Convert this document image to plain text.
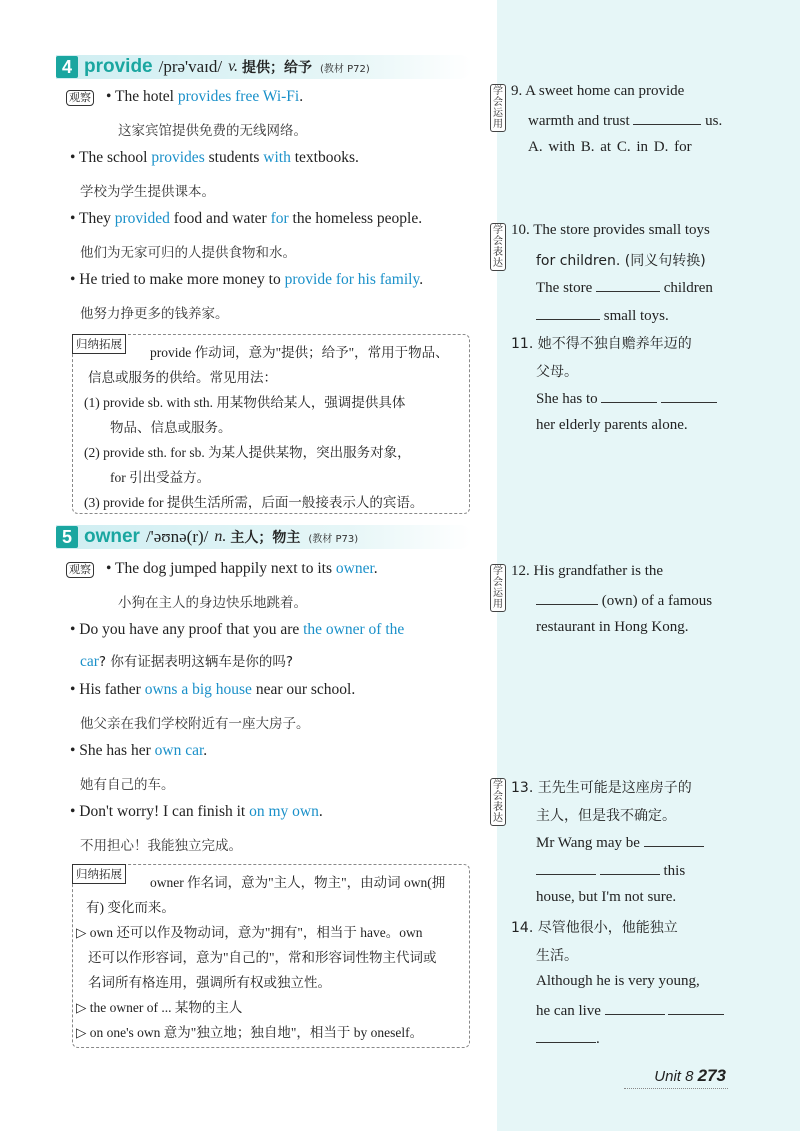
4 provide /prə'vaɪd/ v. 提供；给予 (教材 P72)
观察 • The hotel provides free Wi-Fi.
这家宾馆提供免费的无线网络。
• The school provides students with textbooks.
学校为学生提供课本。
• They provided food and water for the homeless people.
他们为无家可归的人提供食物和水。
• He tried to make more money to provide for his family.
他努力挣更多的钱养家。
归纳拓展
provide 作动词，意为"提供；给予"，常用于物品、
信息或服务的供给。常见用法：
(1) provide sb. with sth. 用某物供给某人，强调提供具体
物品、信息或服务。
(2) provide sth. for sb. 为某人提供某物，突出服务对象，
for 引出受益方。
(3) provide for 提供生活所需，后面一般接表示人的宾语。
5 owner /'əʊnə(r)/ n. 主人；物主 (教材 P73)
观察 • The dog jumped happily next to its owner.
小狗在主人的身边快乐地跳着。
• Do you have any proof that you are the owner of the
car? 你有证据表明这辆车是你的吗?
• His father owns a big house near our school.
他父亲在我们学校附近有一座大房子。
• She has her own car.
她有自己的车。
• Don't worry! I can finish it on my own.
不用担心！我能独立完成。
归纳拓展
owner 作名词，意为"主人，物主"，由动词 own(拥
有) 变化而来。
▷ own 还可以作及物动词，意为"拥有"，相当于 have。own
还可以作形容词，意为"自己的"，常和形容词性物主代词或
名词所有格连用，强调所有权或独立性。
▷ the owner of ... 某物的主人
▷ on one's own 意为"独立地；独自地"，相当于 by oneself。
学会运用
9. A sweet home can provide
warmth and trust	us.
A. with B. at C. in D. for
学会表达
10. The store provides small toys
for children. (同义句转换)
The store	children
small toys.
11. 她不得不独自赡养年迈的
父母。
She has to
her elderly parents alone.
学会运用
12. His grandfather is the
(own) of a famous
restaurant in Hong Kong.
学会表达
13. 王先生可能是这座房子的
主人，但是我不确定。
Mr Wang may be
this
house, but I'm not sure.
14. 尽管他很小，他能独立
生活。
Although he is very young,
he can live
.
Unit 8 273
